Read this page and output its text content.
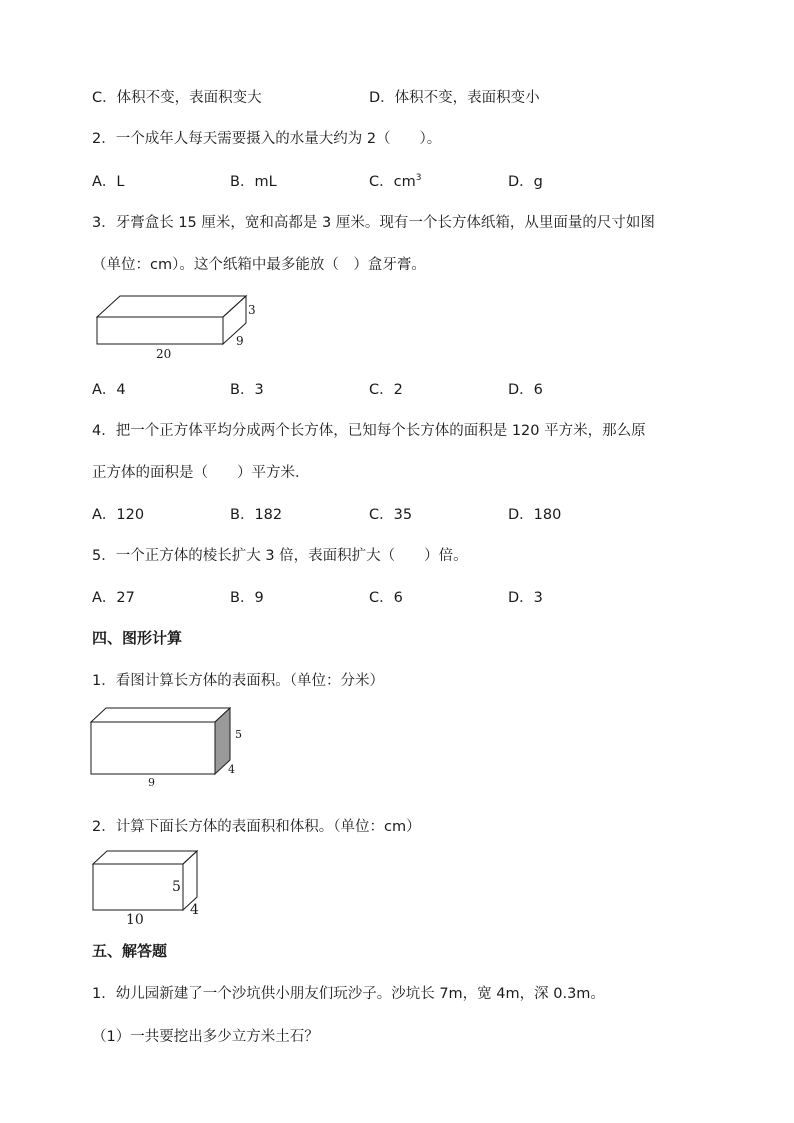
C．体积不变，表面积变大	D．体积不变，表面积变小
2．一个成年人每天需要摄入的水量大约为 2（　　）。
A．L	B．mL	C．$cm^3$	D．g
3．牙膏盒长 15 厘米，宽和高都是 3 厘米。现有一个长方体纸箱，从里面量的尺寸如图
（单位：cm）。这个纸箱中最多能放（　）盒牙膏。
3
9
20
A．4	B．3	C．2	D．6
4．把一个正方体平均分成两个长方体，已知每个长方体的面积是 120 平方米，那么原
正方体的面积是（　　）平方米．
A．120	B．182	C．35	D．180
5．一个正方体的棱长扩大 3 倍，表面积扩大（　　）倍。
A．27	B．9	C．6	D．3
四、图形计算
1．看图计算长方体的表面积。（单位：分米）
5
4
9
2．计算下面长方体的表面积和体积。（单位：cm）
5
4
10
五、解答题
1．幼儿园新建了一个沙坑供小朋友们玩沙子。沙坑长 7m，宽 4m，深 0.3m。
（1）一共要挖出多少立方米土石？
